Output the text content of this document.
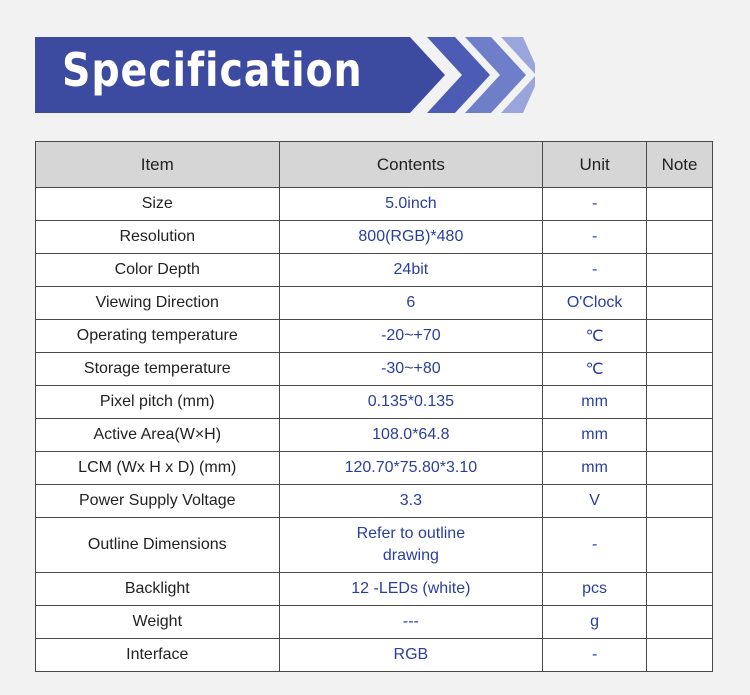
Specification
Item	Contents	Unit	Note
Size	5.0inch	-	
Resolution	800(RGB)*480	-	
Color Depth	24bit	-	
Viewing Direction	6	O'Clock	
Operating temperature	-20~+70	℃	
Storage temperature	-30~+80	℃	
Pixel pitch (mm)	0.135*0.135	mm	
Active Area(W×H)	108.0*64.8	mm	
LCM (Wx H x D) (mm)	120.70*75.80*3.10	mm	
Power Supply Voltage	3.3	V	
Outline Dimensions	Refer to outline drawing	-	
Backlight	12 -LEDs (white)	pcs	
Weight	---	g	
Interface	RGB	-	
